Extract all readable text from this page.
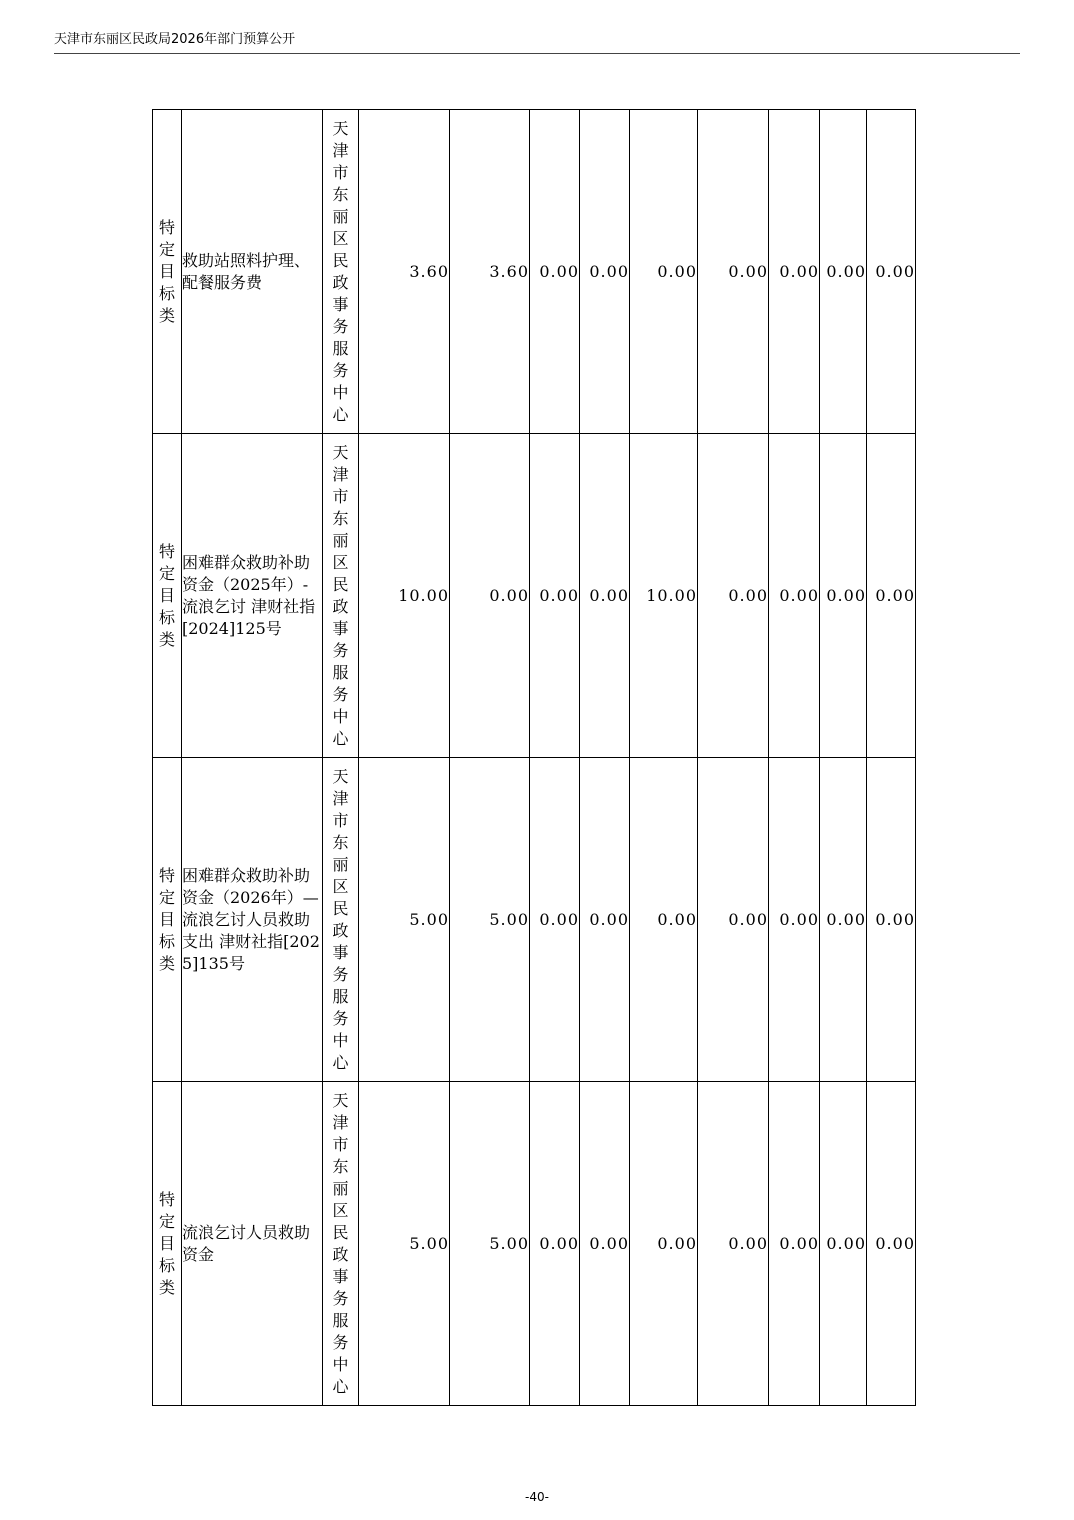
天津市东丽区民政局2026年部门预算公开
特定目标类	救助站照料护理、配餐服务费	天津市东丽区民政事务服务中心	3.60	3.60	0.00	0.00	0.00	0.00	0.00	0.00	0.00

特定目标类	困难群众救助补助资金（2025年）-流浪乞讨 津财社指[2024]125号	天津市东丽区民政事务服务中心	10.00	0.00	0.00	0.00	10.00	0.00	0.00	0.00	0.00

特定目标类	困难群众救助补助资金（2026年）—流浪乞讨人员救助支出 津财社指[2025]135号	天津市东丽区民政事务服务中心	5.00	5.00	0.00	0.00	0.00	0.00	0.00	0.00	0.00

特定目标类	流浪乞讨人员救助资金	天津市东丽区民政事务服务中心	5.00	5.00	0.00	0.00	0.00	0.00	0.00	0.00	0.00
-40-
